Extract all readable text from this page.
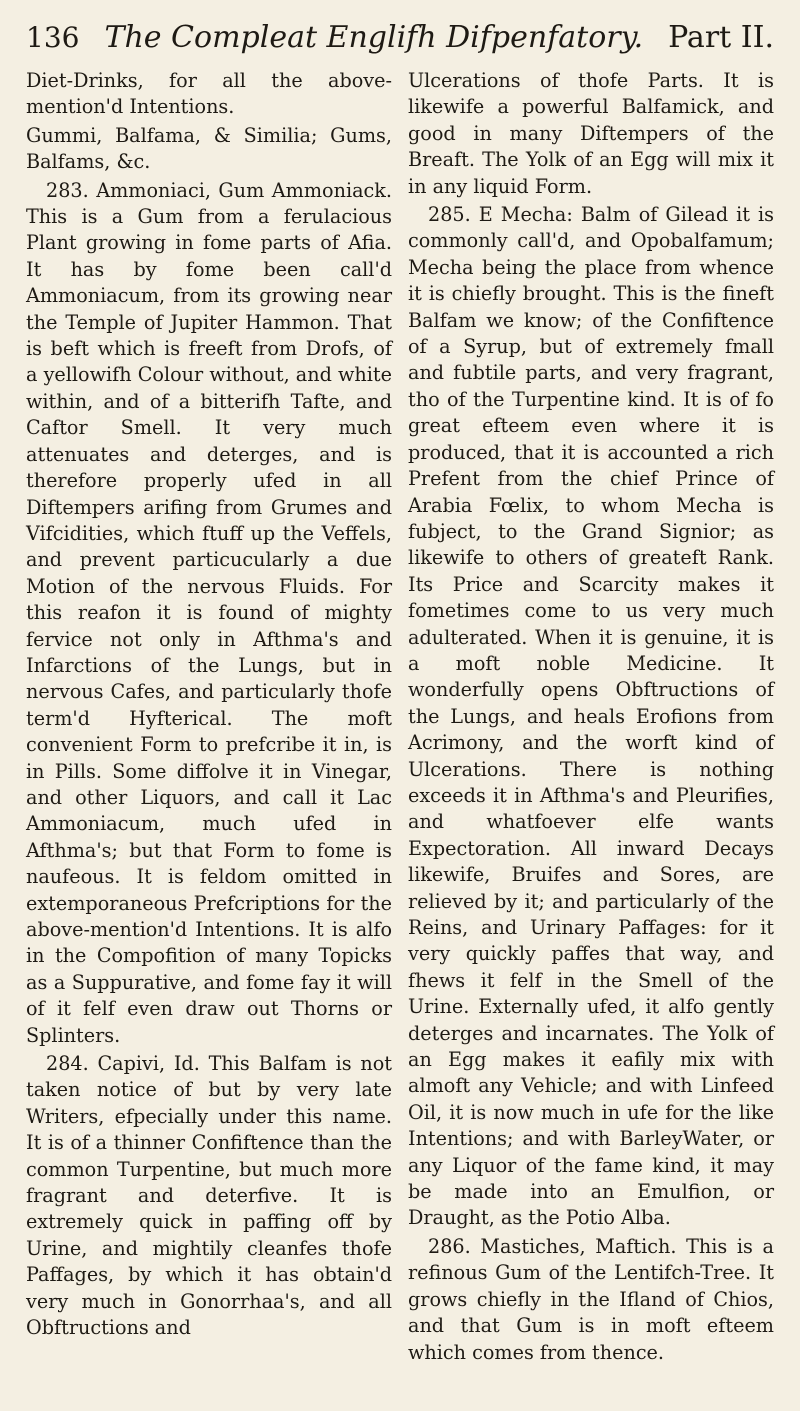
136 The Compleat Englifh Difpenfatory. Part II.

Diet-Drinks, for all the above-mention'd Intentions.

Gummi, Balfama, & Similia; Gums, Balfams, &c.

283. Ammoniaci, Gum Ammoniack. This is a Gum from a ferulacious Plant growing in fome parts of Afia. It has by fome been call'd Ammoniacum, from its growing near the Temple of Jupiter Hammon. That is beft which is freeft from Drofs, of a yellowifh Colour without, and white within, and of a bitterifh Tafte, and Caftor Smell. It very much attenuates and deterges, and is therefore properly ufed in all Diftempers arifing from Grumes and Vifcidities, which ftuff up the Veffels, and prevent particucularly a due Motion of the nervous Fluids. For this reafon it is found of mighty fervice not only in Afthma's and Infarctions of the Lungs, but in nervous Cafes, and particularly thofe term'd Hyfterical. The moft convenient Form to prefcribe it in, is in Pills. Some diffolve it in Vinegar, and other Liquors, and call it Lac Ammoniacum, much ufed in Afthma's; but that Form to fome is naufeous. It is feldom omitted in extemporaneous Prefcriptions for the above-mention'd Intentions. It is alfo in the Compofition of many Topicks as a Suppurative, and fome fay it will of it felf even draw out Thorns or Splinters.

284. Capivi, Id. This Balfam is not taken notice of but by very late Writers, efpecially under this name. It is of a thinner Confiftence than the common Turpentine, but much more fragrant and deterfive. It is extremely quick in paffing off by Urine, and mightily cleanfes thofe Paffages, by which it has obtain'd very much in Gonorrhaa's, and all Obftructions and

Ulcerations of thofe Parts. It is likewife a powerful Balfamick, and good in many Diftempers of the Breaft. The Yolk of an Egg will mix it in any liquid Form.

285. E Mecha: Balm of Gilead it is commonly call'd, and Opobalfamum; Mecha being the place from whence it is chiefly brought. This is the fineft Balfam we know; of the Confiftence of a Syrup, but of extremely fmall and fubtile parts, and very fragrant, tho of the Turpentine kind. It is of fo great efteem even where it is produced, that it is accounted a rich Prefent from the chief Prince of Arabia Fœlix, to whom Mecha is fubject, to the Grand Signior; as likewife to others of greateft Rank. Its Price and Scarcity makes it fometimes come to us very much adulterated. When it is genuine, it is a moft noble Medicine. It wonderfully opens Obftructions of the Lungs, and heals Erofions from Acrimony, and the worft kind of Ulcerations. There is nothing exceeds it in Afthma's and Pleurifies, and whatfoever elfe wants Expectoration. All inward Decays likewife, Bruifes and Sores, are relieved by it; and particularly of the Reins, and Urinary Paffages: for it very quickly paffes that way, and fhews it felf in the Smell of the Urine. Externally ufed, it alfo gently deterges and incarnates. The Yolk of an Egg makes it eafily mix with almoft any Vehicle; and with Linfeed Oil, it is now much in ufe for the like Intentions; and with BarleyWater, or any Liquor of the fame kind, it may be made into an Emulfion, or Draught, as the Potio Alba.

286. Mastiches, Maftich. This is a refinous Gum of the Lentifch-Tree. It grows chiefly in the Ifland of Chios, and that Gum is in moft efteem which comes from thence.
